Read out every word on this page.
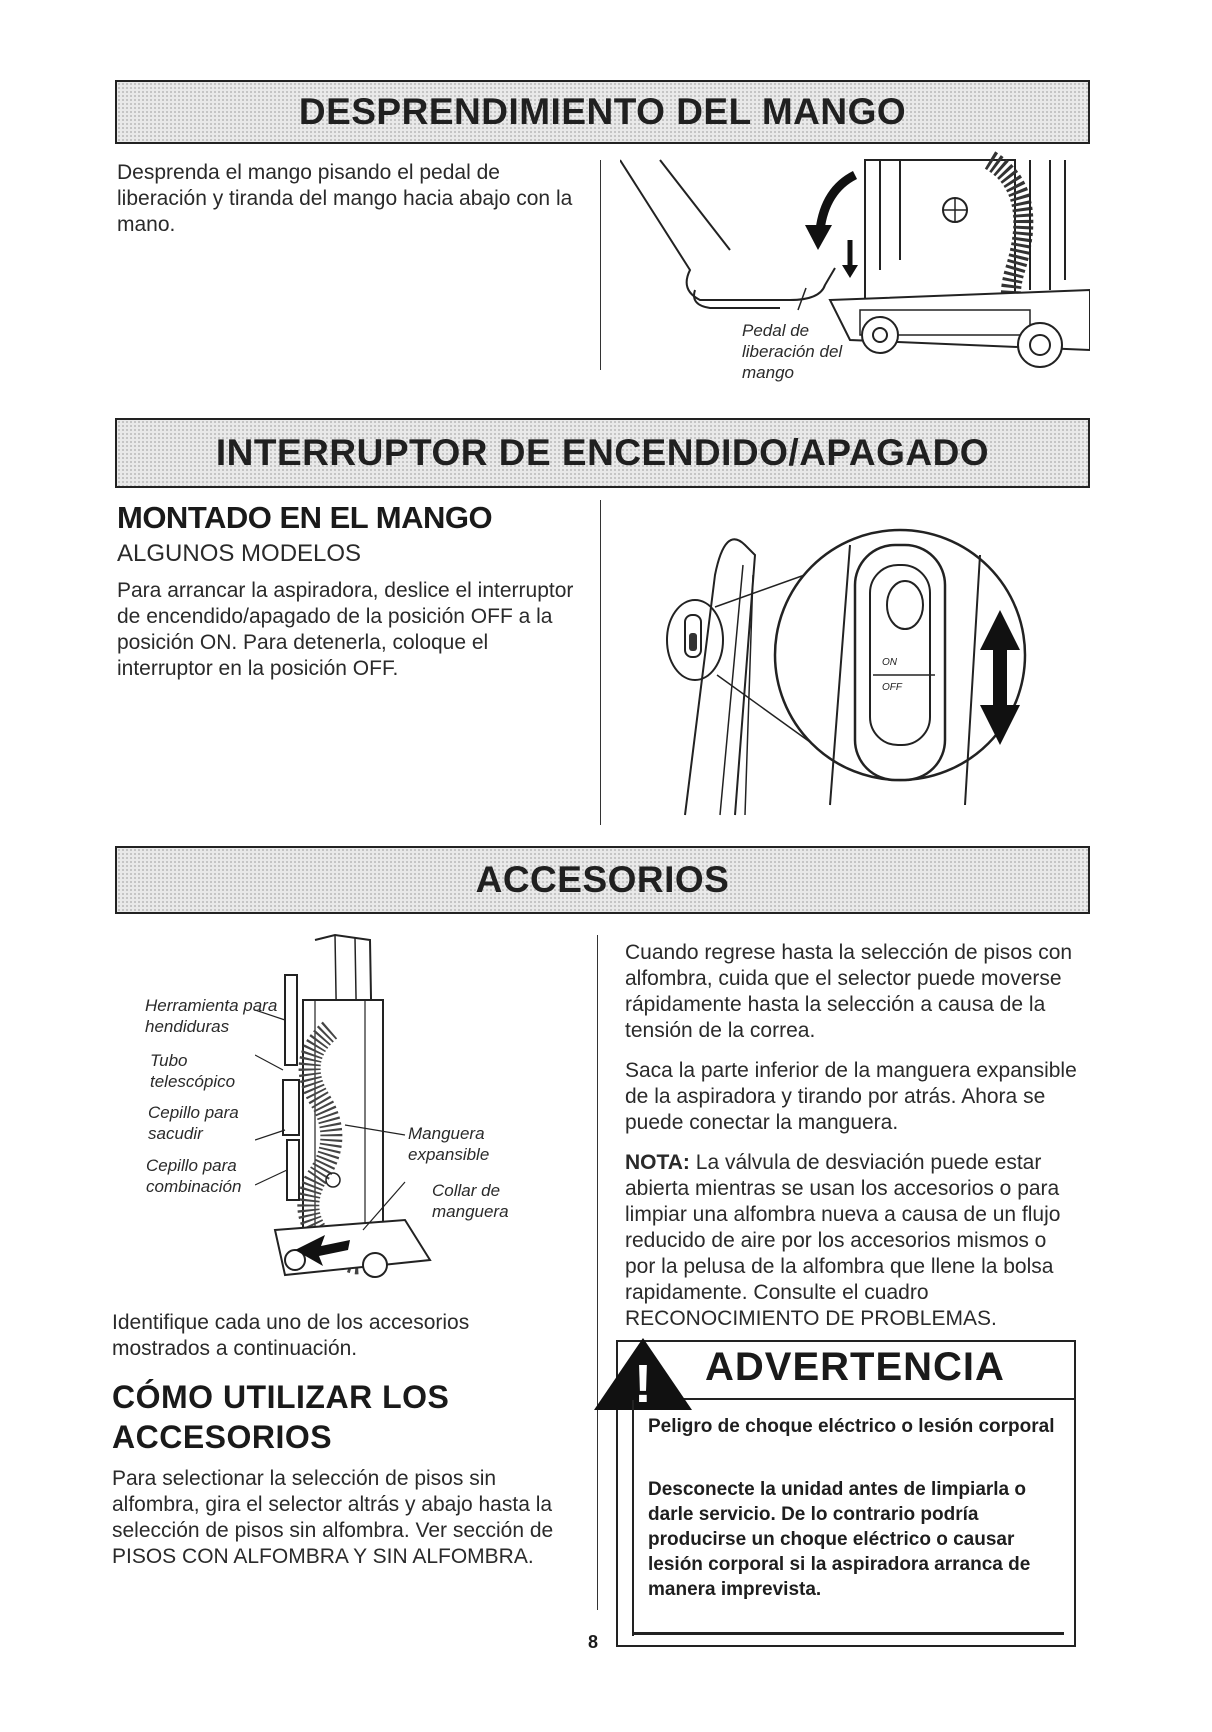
DESPRENDIMIENTO DEL MANGO

Desprenda el mango pisando el pedal de liberación y tiranda del mango hacia abajo con la mano.

Pedal de liberación del mango

INTERRUPTOR DE ENCENDIDO/APAGADO
MONTADO EN EL MANGO
ALGUNOS MODELOS

Para arrancar la aspiradora, deslice el interruptor de encendido/apagado de la posición OFF a la posición ON. Para detenerla, coloque el interruptor en la posición OFF.	ON
OFF
ACCESORIOS

Herramienta para hendiduras

Tubo telescópico

Cepillo para sacudir

Cepillo para combinación

Manguera expansible

Collar de manguera

Identifique cada uno de los accesorios mostrados a continuación.

CÓMO UTILIZAR LOS ACCESORIOS

Para selectionar la selección de pisos sin alfombra, gira el selector altrás y abajo hasta la selección de pisos sin alfombra. Ver sección de PISOS CON ALFOMBRA Y SIN ALFOMBRA.

Cuando regrese hasta la selección de pisos con alfombra, cuida que el selector puede moverse rápidamente hasta la selección a causa de la tensión de la correa.

Saca la parte inferior de la manguera expansible de la aspiradora y tirando por atrás. Ahora se puede conectar la manguera.

NOTA: La válvula de desviación puede estar abierta mientras se usan los accesorios o para limpiar una alfombra nueva a causa de un flujo reducido de aire por los accesorios mismos o por la pelusa de la alfombra que llene la bolsa rapidamente. Consulte el cuadro RECONOCIMIENTO DE PROBLEMAS.

! ADVERTENCIA

Peligro de choque eléctrico o lesión corporal

Desconecte la unidad antes de limpiarla o darle servicio. De lo contrario podría producirse un choque eléctrico o causar lesión corporal si la aspiradora arranca de manera imprevista.

8
